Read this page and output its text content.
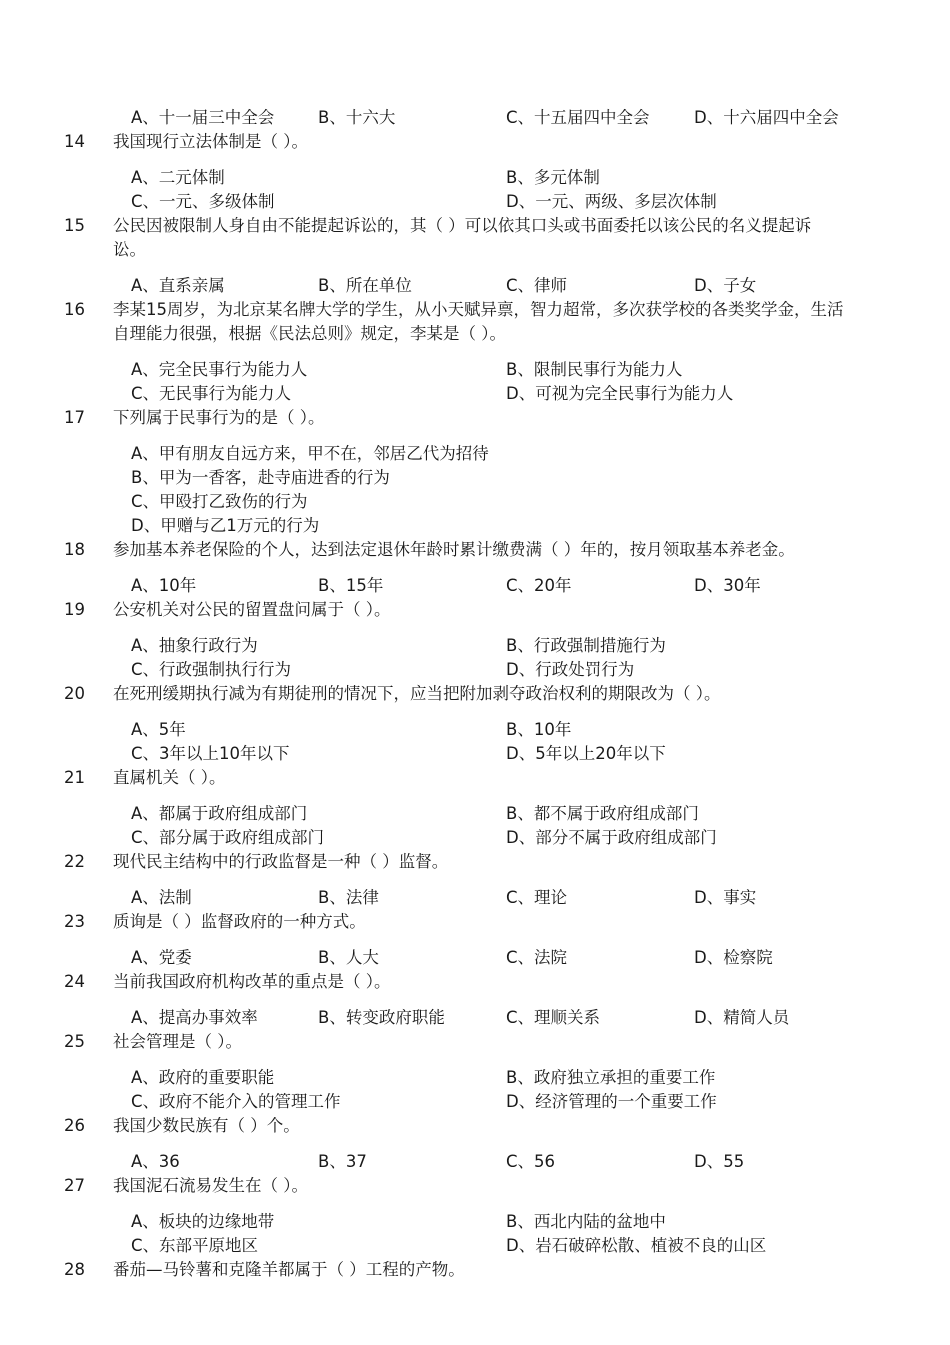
A、十一届三中全会	B、十六大	C、十五届四中全会	D、十六届四中全会
14	我国现行立法体制是（ ）。
A、二元体制	B、多元体制
C、一元、多级体制	D、一元、两级、多层次体制
15	公民因被限制人身自由不能提起诉讼的，其（ ）可以依其口头或书面委托以该公民的名义提起诉
讼。
A、直系亲属	B、所在单位	C、律师	D、子女
16	李某15周岁，为北京某名牌大学的学生，从小天赋异禀，智力超常，多次获学校的各类奖学金，生活
自理能力很强，根据《民法总则》规定，李某是（ ）。
A、完全民事行为能力人	B、限制民事行为能力人
C、无民事行为能力人	D、可视为完全民事行为能力人
17	下列属于民事行为的是（ ）。
A、甲有朋友自远方来，甲不在，邻居乙代为招待
B、甲为一香客，赴寺庙进香的行为
C、甲殴打乙致伤的行为
D、甲赠与乙1万元的行为
18	参加基本养老保险的个人，达到法定退休年龄时累计缴费满（ ）年的，按月领取基本养老金。
A、10年	B、15年	C、20年	D、30年
19	公安机关对公民的留置盘问属于（ ）。
A、抽象行政行为	B、行政强制措施行为
C、行政强制执行行为	D、行政处罚行为
20	在死刑缓期执行减为有期徒刑的情况下，应当把附加剥夺政治权利的期限改为（ ）。
A、5年	B、10年
C、3年以上10年以下	D、5年以上20年以下
21	直属机关（ ）。
A、都属于政府组成部门	B、都不属于政府组成部门
C、部分属于政府组成部门	D、部分不属于政府组成部门
22	现代民主结构中的行政监督是一种（ ）监督。
A、法制	B、法律	C、理论	D、事实
23	质询是（ ）监督政府的一种方式。
A、党委	B、人大	C、法院	D、检察院
24	当前我国政府机构改革的重点是（ ）。
A、提高办事效率	B、转变政府职能	C、理顺关系	D、精简人员
25	社会管理是（ ）。
A、政府的重要职能	B、政府独立承担的重要工作
C、政府不能介入的管理工作	D、经济管理的一个重要工作
26	我国少数民族有（ ）个。
A、36	B、37	C、56	D、55
27	我国泥石流易发生在（ ）。
A、板块的边缘地带	B、西北内陆的盆地中
C、东部平原地区	D、岩石破碎松散、植被不良的山区
28	番茄—马铃薯和克隆羊都属于（ ）工程的产物。
